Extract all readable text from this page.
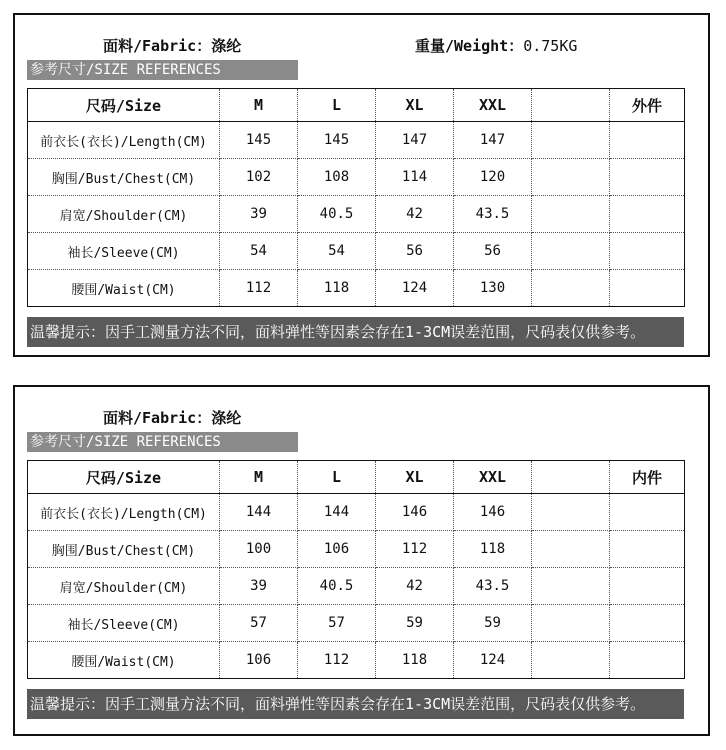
面料/Fabric：涤纶	重量/Weight：0.75KG
参考尺寸/SIZE REFERENCES
尺码/Size	M	L	XL	XXL		外件
前衣长(衣长)/Length(CM)	145	145	147	147		
胸围/Bust/Chest(CM)	102	108	114	120		
肩宽/Shoulder(CM)	39	40.5	42	43.5		
袖长/Sleeve(CM)	54	54	56	56		
腰围/Waist(CM)	112	118	124	130		
温馨提示：因手工测量方法不同，面料弹性等因素会存在1-3CM误差范围，尺码表仅供参考。
面料/Fabric：涤纶
参考尺寸/SIZE REFERENCES
尺码/Size	M	L	XL	XXL		内件
前衣长(衣长)/Length(CM)	144	144	146	146		
胸围/Bust/Chest(CM)	100	106	112	118		
肩宽/Shoulder(CM)	39	40.5	42	43.5		
袖长/Sleeve(CM)	57	57	59	59		
腰围/Waist(CM)	106	112	118	124		
温馨提示：因手工测量方法不同，面料弹性等因素会存在1-3CM误差范围，尺码表仅供参考。
